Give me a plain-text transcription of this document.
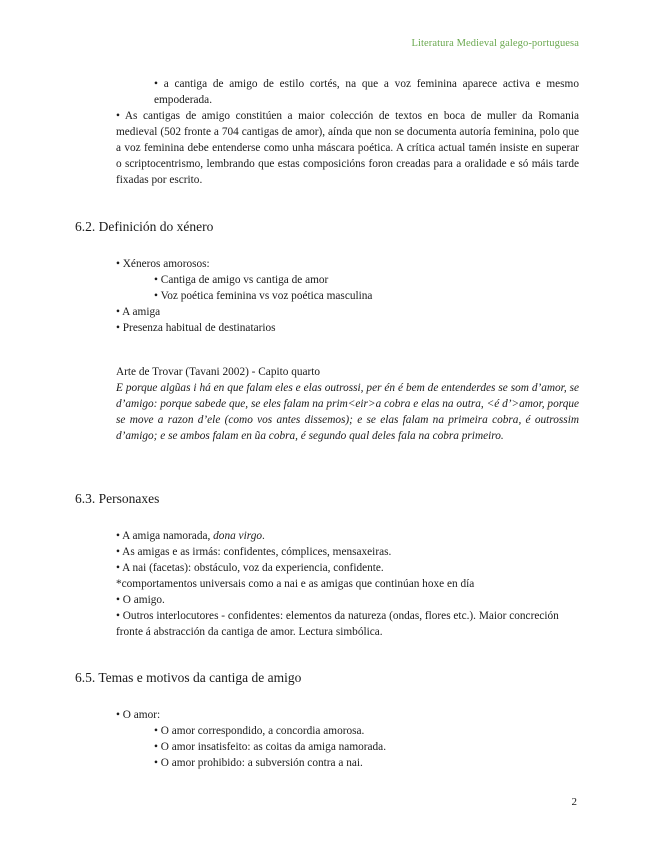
Literatura Medieval galego-portuguesa

• a cantiga de amigo de estilo cortés, na que a voz feminina aparece activa e mesmo empoderada.

• As cantigas de amigo constitúen a maior colección de textos en boca de muller da Romania medieval (502 fronte a 704 cantigas de amor), aínda que non se documenta autoría feminina, polo que a voz feminina debe entenderse como unha máscara poética. A crítica actual tamén insiste en superar o scriptocentrismo, lembrando que estas composicións foron creadas para a oralidade e só máis tarde fixadas por escrito.

6.2. Definición do xénero
• Xéneros amorosos:
• Cantiga de amigo vs cantiga de amor
• Voz poética feminina vs voz poética masculina
• A amiga
• Presenza habitual de destinatarios
Arte de Trovar (Tavani 2002) - Capito quarto

E porque algũas i há en que falam eles e elas outrossi, per én é bem de entenderdes se som d’amor, se d’amigo: porque sabede que, se eles falam na prim<eir>a cobra e elas na outra, <é d’>amor, porque se move a razon d’ele (como vos antes dissemos); e se elas falam na primeira cobra, é outrossim d’amigo; e se ambos falam en ũa cobra, é segundo qual deles fala na cobra primeiro.

6.3. Personaxes
• A amiga namorada, dona virgo.
• As amigas e as irmás: confidentes, cómplices, mensaxeiras.
• A nai (facetas): obstáculo, voz da experiencia, confidente.
*comportamentos universais como a nai e as amigas que continúan hoxe en día
• O amigo.

• Outros interlocutores - confidentes: elementos da natureza (ondas, flores etc.). Maior concreción fronte á abstracción da cantiga de amor. Lectura simbólica.

6.5. Temas e motivos da cantiga de amigo
• O amor:
• O amor correspondido, a concordia amorosa.
• O amor insatisfeito: as coitas da amiga namorada.
• O amor prohibido: a subversión contra a nai.
2
